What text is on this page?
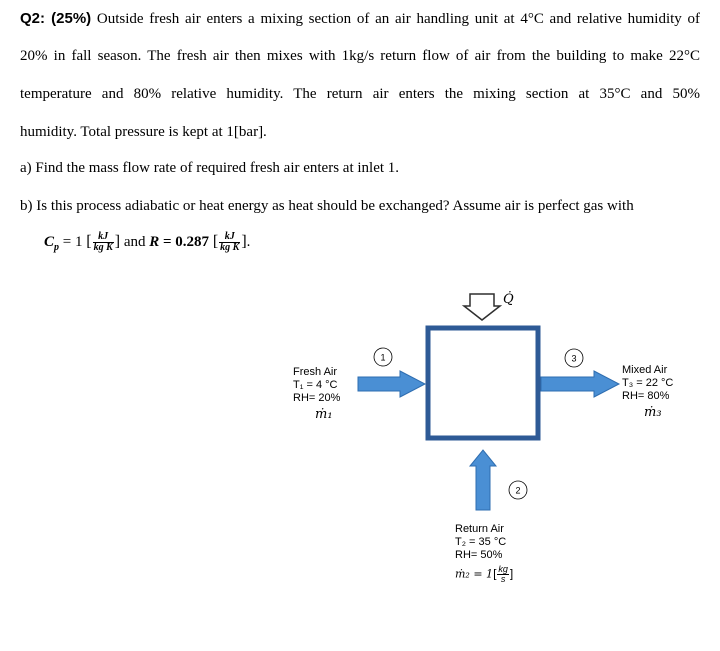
Q2: (25%) Outside fresh air enters a mixing section of an air handling unit at 4°C and relative humidity of
20% in fall season. The fresh air then mixes with 1kg/s return flow of air from the building to make 22°C
temperature and 80% relative humidity. The return air enters the mixing section at 35°C and 50%
humidity. Total pressure is kept at 1[bar].
a) Find the mass flow rate of required fresh air enters at inlet 1.
b) Is this process adiabatic or heat energy as heat should be exchanged? Assume air is perfect gas with
$C_p = 1$ [ $\frac{kJ}{\text{kg K}}$ ] and R = 0.287 [ $\frac{kJ}{\text{kg K}}$ ].
Q̇
1
2
3
Fresh Air
T₁ = 4 °C
RH= 20%
ṁ₁
Mixed Air
T₃ = 22 °C
RH= 80%
ṁ₃
Return Air
T₂ = 35 °C
RH= 50%
ṁ₂ = $1[ \frac{kg}{s}$ ]
